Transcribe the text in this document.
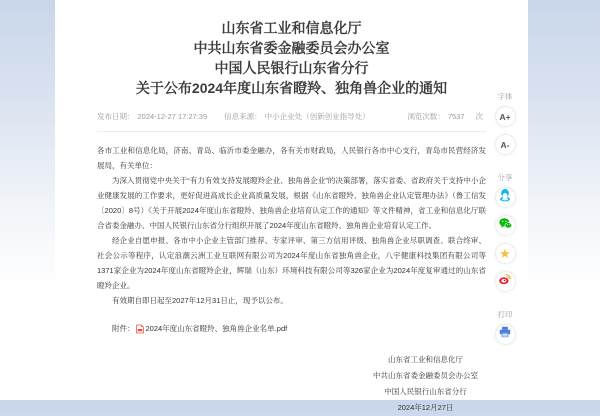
山东省工业和信息化厅
中共山东省委金融委员会办公室
中国人民银行山东省分行
关于公布2024年度山东省瞪羚、独角兽企业的通知
发布日期： 2024-12-27 17:27:39 信息来源： 中小企业处（创新创业指导处）	浏览次数： 7537 次

各市工业和信息化局，济南、青岛、临沂市委金融办，各有关市财政局，人民银行各市中心支行，青岛市民营经济发展局，有关单位：

为深入贯彻党中央关于“有力有效支持发展瞪羚企业、独角兽企业”的决策部署，落实省委、省政府关于支持中小企业健康发展的工作要求，更好促进高成长企业高质量发展，根据《山东省瞪羚、独角兽企业认定管理办法》（鲁工信发〔2020〕8号）《关于开展2024年度山东省瞪羚、独角兽企业培育认定工作的通知》等文件精神，省工业和信息化厅联合省委金融办、中国人民银行山东省分行组织开展了2024年度山东省瞪羚、独角兽企业培育认定工作。

经企业自愿申报、各市中小企业主管部门推荐、专家评审、第三方信用评级、独角兽企业尽职调查、联合终审、社会公示等程序，认定浪潮云洲工业互联网有限公司为2024年度山东省独角兽企业，八宇健康科技集团有限公司等1371家企业为2024年度山东省瞪羚企业，辉瑞（山东）环境科技有限公司等326家企业为2024年度复审通过的山东省瞪羚企业。

有效期自即日起至2027年12月31日止，现予以公布。

附件： 2024年度山东省瞪羚、独角兽企业名单.pdf
山东省工业和信息化厅
中共山东省委金融委员会办公室
中国人民银行山东省分行
2024年12月27日
字体
A+
A-
分享
★
打印
